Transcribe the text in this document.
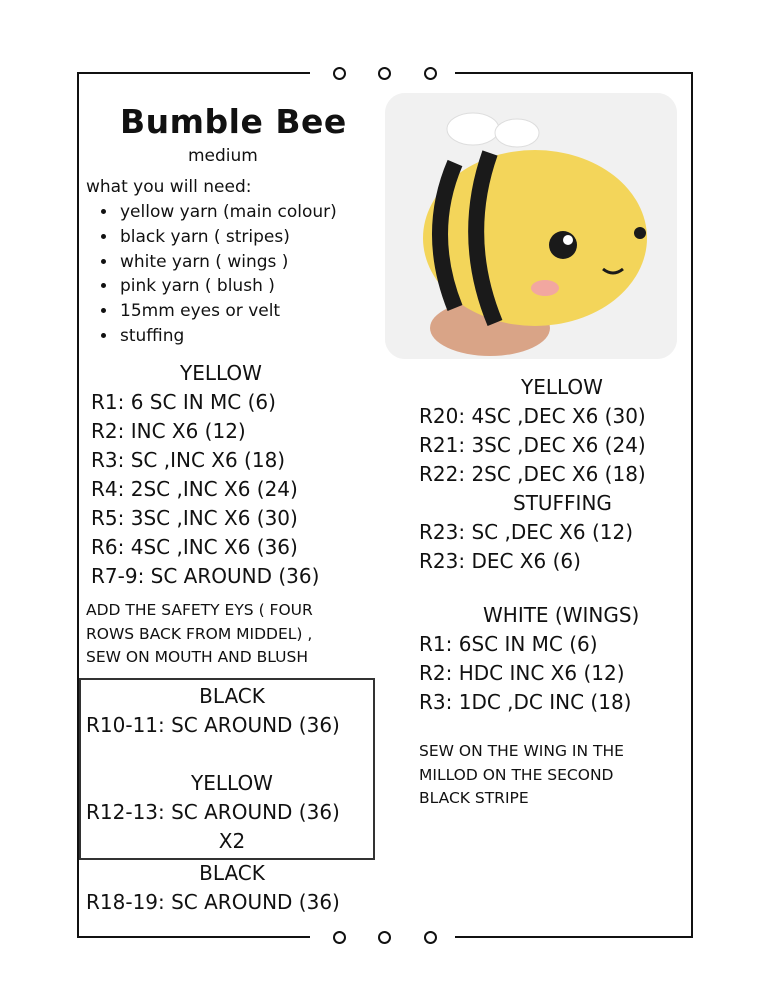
Bumble Bee
medium
what you will need:
• yellow yarn (main colour)
• black yarn ( stripes)
• white yarn ( wings )
• pink yarn ( blush )
• 15mm eyes or velt
• stuffing
YELLOW
R1: 6 SC IN MC (6)
R2: INC X6 (12)
R3: SC ,INC X6 (18)
R4: 2SC ,INC X6 (24)
R5: 3SC ,INC X6 (30)
R6: 4SC ,INC X6 (36)
R7-9: SC AROUND (36)
ADD THE SAFETY EYS ( FOUR
ROWS BACK FROM MIDDEL) ,
SEW ON MOUTH AND BLUSH
BLACK
R10-11: SC AROUND (36)
YELLOW
R12-13: SC AROUND (36)
X2
BLACK
R18-19: SC AROUND (36)
YELLOW
R20: 4SC ,DEC X6 (30)
R21: 3SC ,DEC X6 (24)
R22: 2SC ,DEC X6 (18)
STUFFING
R23: SC ,DEC X6 (12)
R23: DEC X6 (6)
WHITE (WINGS)
R1: 6SC IN MC (6)
R2: HDC INC X6 (12)
R3: 1DC ,DC INC (18)
SEW ON THE WING IN THE
MILLOD ON THE SECOND
BLACK STRIPE
